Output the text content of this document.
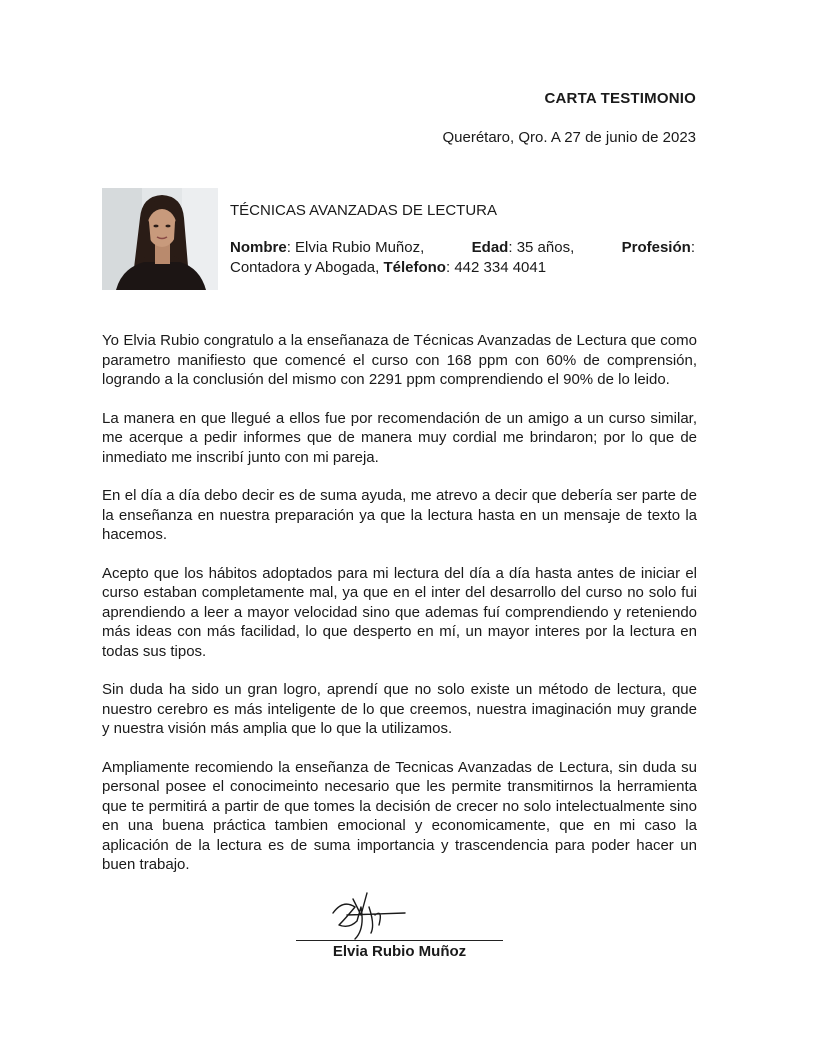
CARTA TESTIMONIO
Querétaro, Qro. A 27 de junio de 2023
TÉCNICAS AVANZADAS DE LECTURA
Nombre: Elvia Rubio Muñoz,	Edad: 35 años,	Profesión:
Contadora y Abogada, Télefono: 442 334 4041

Yo Elvia Rubio congratulo a la enseñanaza de Técnicas Avanzadas de Lectura que como parametro manifiesto que comencé el curso con 168 ppm con 60% de comprensión, logrando a la conclusión del mismo con 2291 ppm comprendiendo el 90% de lo leido.

La manera en que llegué a ellos fue por recomendación de un amigo a un curso similar, me acerque a pedir informes que de manera muy cordial me brindaron; por lo que de inmediato me inscribí junto con mi pareja.

En el día a día debo decir es de suma ayuda, me atrevo a decir que debería ser parte de la enseñanza en nuestra preparación ya que la lectura hasta en un mensaje de texto la hacemos.

Acepto que los hábitos adoptados para mi lectura del día a día hasta antes de iniciar el curso estaban completamente mal, ya que en el inter del desarrollo del curso no solo fui aprendiendo a leer a mayor velocidad sino que ademas fuí comprendiendo y reteniendo más ideas con más facilidad, lo que desperto en mí, un mayor interes por la lectura en todas sus tipos.

Sin duda ha sido un gran logro, aprendí que no solo existe un método de lectura, que nuestro cerebro es más inteligente de lo que creemos, nuestra imaginación muy grande y nuestra visión más amplia que lo que la utilizamos.

Ampliamente recomiendo la enseñanza de Tecnicas Avanzadas de Lectura, sin duda su personal posee el conocimeinto necesario que les permite transmitirnos la herramienta que te permitirá a partir de que tomes la decisión de crecer no solo intelectualmente sino en una buena práctica tambien emocional y economicamente, que en mi caso la aplicación de la lectura es de suma importancia y trascendencia para poder hacer un buen trabajo.

Elvia Rubio Muñoz
